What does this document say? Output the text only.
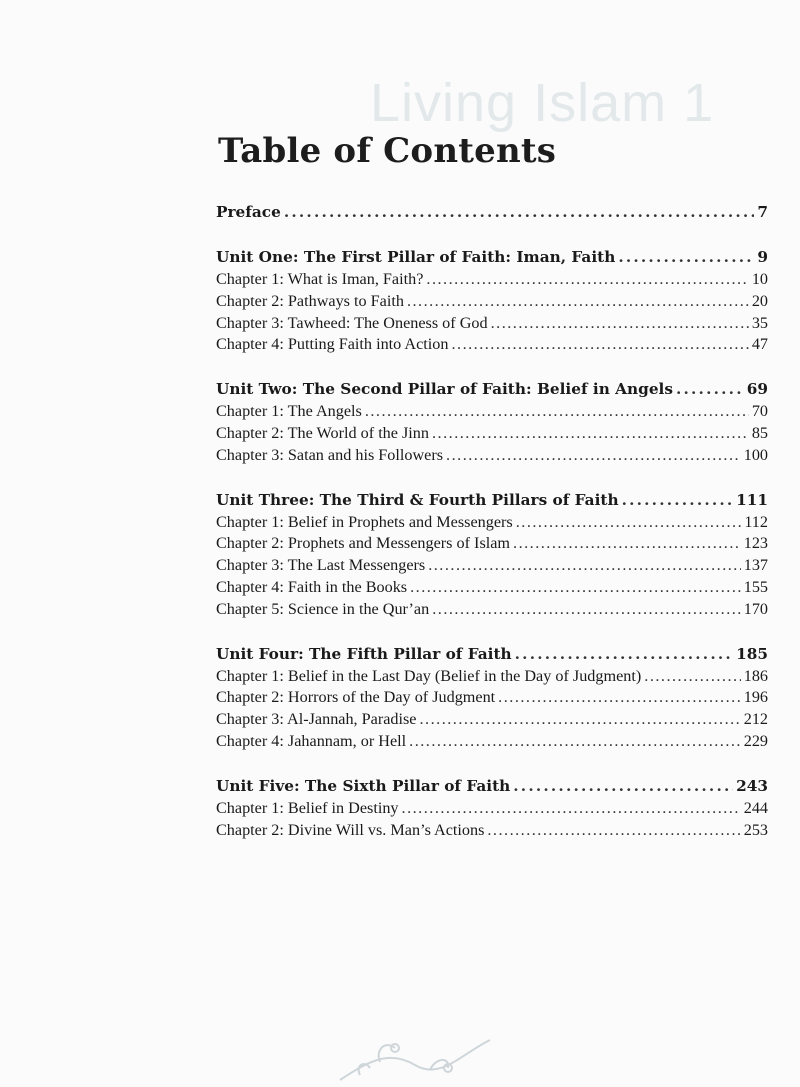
Living Islam 1
Table of Contents
Preface .....	7
Unit One: The First Pillar of Faith: Iman, Faith .....	9
Chapter 1: What is Iman, Faith? .....	10
Chapter 2: Pathways to Faith .....	20
Chapter 3: Tawheed: The Oneness of God .....	35
Chapter 4: Putting Faith into Action .....	47
Unit Two: The Second Pillar of Faith: Belief in Angels .....	69
Chapter 1: The Angels .....	70
Chapter 2: The World of the Jinn .....	85
Chapter 3: Satan and his Followers .....	100
Unit Three: The Third & Fourth Pillars of Faith .....	111
Chapter 1: Belief in Prophets and Messengers .....	112
Chapter 2: Prophets and Messengers of Islam .....	123
Chapter 3: The Last Messengers .....	137
Chapter 4: Faith in the Books .....	155
Chapter 5: Science in the Qur’an .....	170
Unit Four: The Fifth Pillar of Faith .....	185
Chapter 1: Belief in the Last Day (Belief in the Day of Judgment) .....	186
Chapter 2: Horrors of the Day of Judgment .....	196
Chapter 3: Al-Jannah, Paradise .....	212
Chapter 4: Jahannam, or Hell .....	229
Unit Five: The Sixth Pillar of Faith .....	243
Chapter 1: Belief in Destiny .....	244
Chapter 2: Divine Will vs. Man’s Actions .....	253
